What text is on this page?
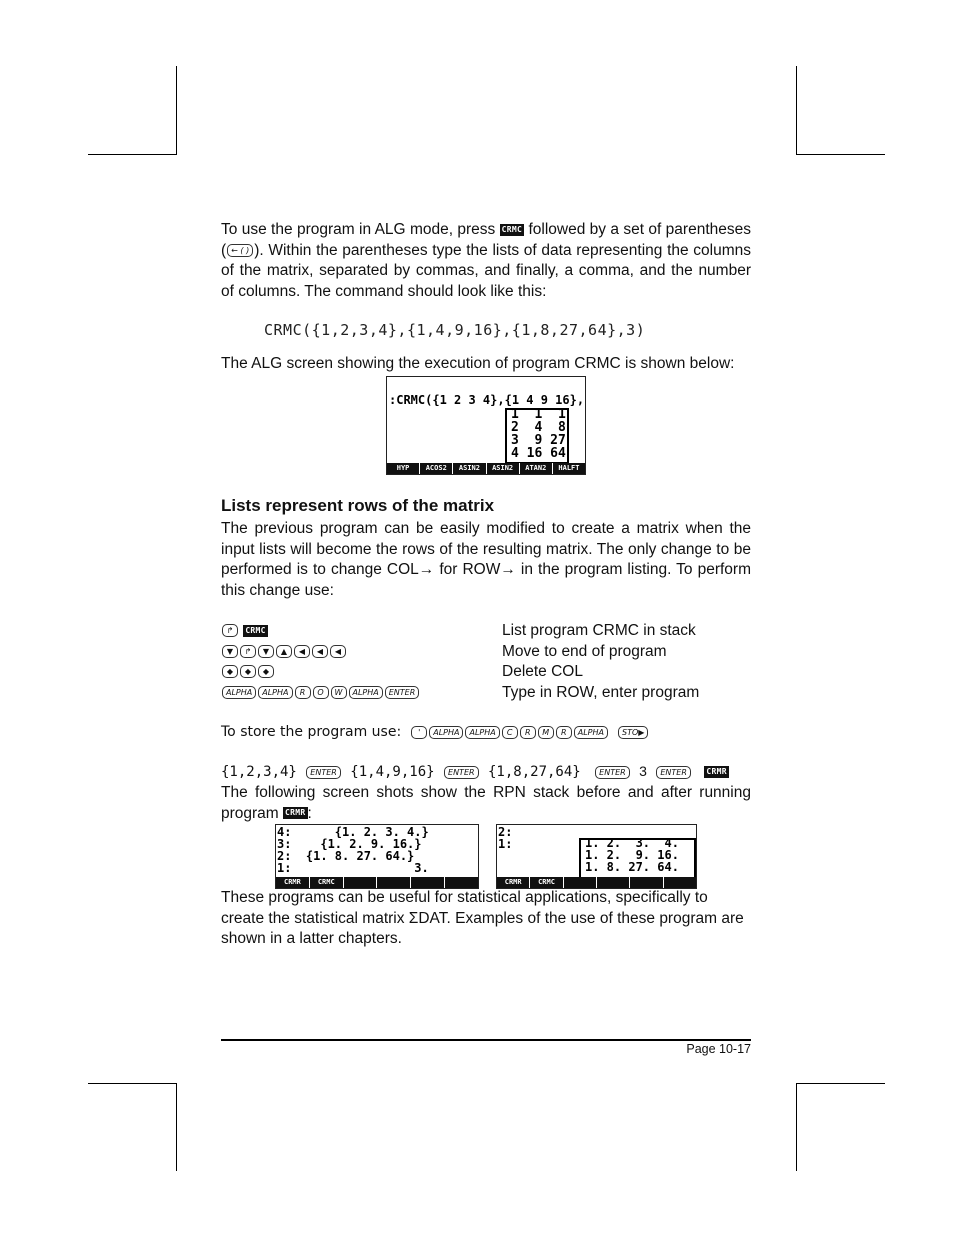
To use the program in ALG mode, press CRMC followed by a set of parentheses ( ← ( ) ). Within the parentheses type the lists of data representing the columns of the matrix, separated by commas, and finally, a comma, and the number of columns. The command should look like this:

CRMC({1,2,3,4},{1,4,9,16},{1,8,27,64},3)

The ALG screen showing the execution of program CRMC is shown below:

:CRMC({1 2 3 4},{1 4 9 16},
1  1  1
2  4  8
3  9 27
4 16 64
HYP	ACOS2	ASIN2	ASIN2	ATAN2	HALFT
Lists represent rows of the matrix

The previous program can be easily modified to create a matrix when the input lists will become the rows of the resulting matrix. The only change to be performed is to change COL→ for ROW→ in the program listing. To perform this change use:

↱ CRMC	List program CRMC in stack
▼ ↱ ▼ ▲ ◀ ◀ ◀	Move to end of program
◆ ◆ ◆	Delete COL
ALPHA ALPHA R O W ALPHA ENTER	Type in ROW, enter program
To store the program use: ' ALPHA ALPHA C R M R ALPHA STO▶
{1,2,3,4} ENTER {1,4,9,16} ENTER {1,8,27,64} ENTER 3 ENTER CRMR

The following screen shots show the RPN stack before and after running program CRMR :

4:      {1. 2. 3. 4.}
3:    {1. 2. 9. 16.}
2:  {1. 8. 27. 64.}
1:                 3.
CRMR	CRMC
2:
1:	1. 2.  3.  4.
1. 2.  9. 16.
1. 8. 27. 64.
CRMR	CRMC

These programs can be useful for statistical applications, specifically to create the statistical matrix ΣDAT. Examples of the use of these program are shown in a latter chapters.

Page 10-17
